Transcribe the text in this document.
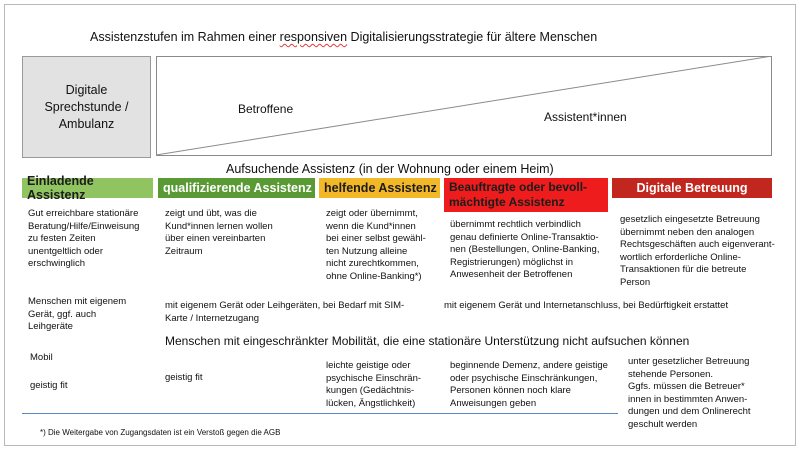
Assistenzstufen im Rahmen einer responsiven Digitalisierungsstrategie für ältere Menschen
Digitale
Sprechstunde /
Ambulanz
Betroffene
Assistent*innen
Aufsuchende Assistenz (in der Wohnung oder einem Heim)
Einladende Assistenz	qualifizierende Assistenz helfende Assistenz Beauftragte oder bevoll-
mächtigte Assistenz
Digitale Betreuung
Gut erreichbare stationäre
Beratung/Hilfe/Einweisung
zu festen Zeiten
unentgeltlich oder
erschwinglich
zeigt und übt, was die
Kund*innen lernen wollen
über einen vereinbarten
Zeitraum
zeigt oder übernimmt,
wenn die Kund*innen
bei einer selbst gewähl-
ten Nutzung alleine
nicht zurechtkommen,
ohne Online-Banking*)
übernimmt rechtlich verbindlich
genau definierte Online-Transaktio-
nen (Bestellungen, Online-Banking,
Registrierungen) möglichst in
Anwesenheit der Betroffenen
gesetzlich eingesetzte Betreuung
übernimmt neben den analogen
Rechtsgeschäften auch eigenverant-
wortlich erforderliche Online-
Transaktionen für die betreute
Person
Menschen mit eigenem
Gerät, ggf. auch
Leihgeräte
mit eigenem Gerät oder Leihgeräten, bei Bedarf mit SIM-
Karte / Internetzugang
mit eigenem Gerät und Internetanschluss, bei Bedürftigkeit erstattet
Menschen mit eingeschränkter Mobilität, die eine stationäre Unterstützung nicht aufsuchen können
Mobil
geistig fit
geistig fit
leichte geistige oder
psychische Einschrän-
kungen (Gedächtnis-
lücken, Ängstlichkeit)
beginnende Demenz, andere geistige
oder psychische Einschränkungen,
Personen können noch klare
Anweisungen geben
unter gesetzlicher Betreuung
stehende Personen.
Ggfs. müssen die Betreuer*
innen in bestimmten Anwen-
dungen und dem Onlinerecht
geschult werden
*) Die Weitergabe von Zugangsdaten ist ein Verstoß gegen die AGB
